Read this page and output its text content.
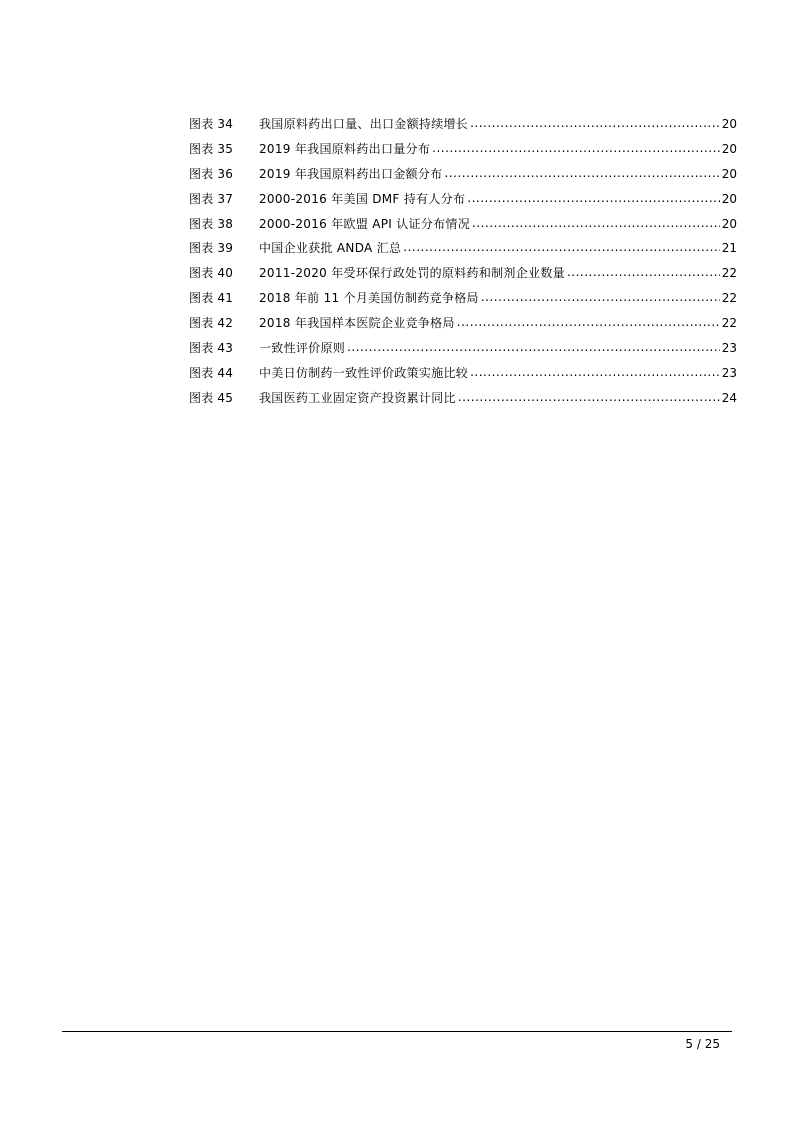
图表 34	我国原料药出口量、出口金额持续增长 .....	20
图表 35	2019 年我国原料药出口量分布 .....	20
图表 36	2019 年我国原料药出口金额分布 .....	20
图表 37	2000-2016 年美国 DMF 持有人分布 .....	20
图表 38	2000-2016 年欧盟 API 认证分布情况 .....	20
图表 39	中国企业获批 ANDA 汇总 .....	21
图表 40	2011-2020 年受环保行政处罚的原料药和制剂企业数量 .....	22
图表 41	2018 年前 11 个月美国仿制药竞争格局 .....	22
图表 42	2018 年我国样本医院企业竞争格局 .....	22
图表 43	一致性评价原则 .....	23
图表 44	中美日仿制药一致性评价政策实施比较 .....	23
图表 45	我国医药工业固定资产投资累计同比 .....	24
5 / 25
